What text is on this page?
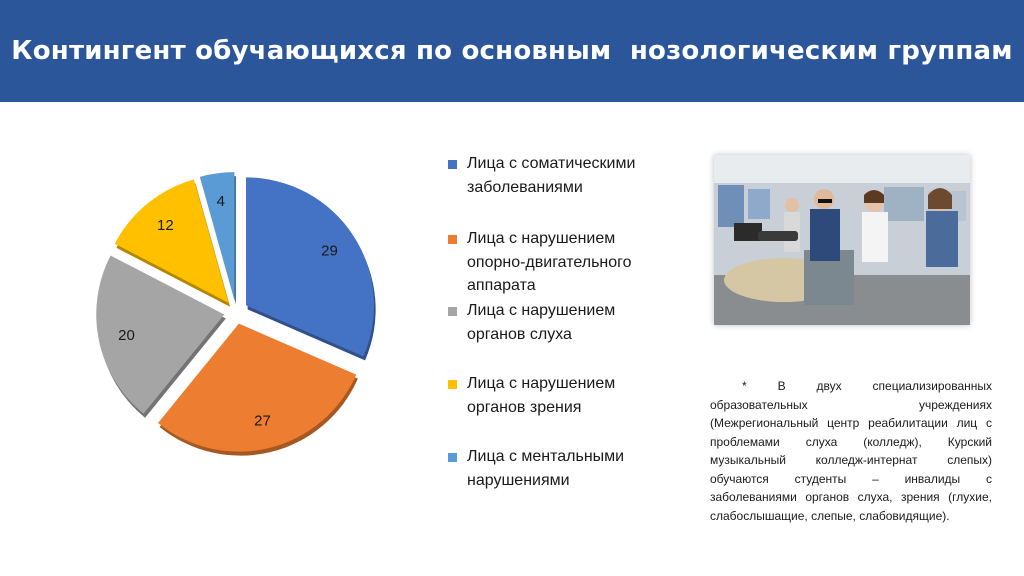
Контингент обучающихся по основным  нозологическим группам
29
27
20
12
4
Лица с соматическими заболеваниями
Лица с нарушением опорно-двигательного аппарата
Лица с нарушением органов слуха
Лица с нарушением органов зрения
Лица с ментальными нарушениями
* В двух специализированных образовательных учреждениях (Межрегиональный центр реабилитации лиц с проблемами слуха (колледж), Курский музыкальный колледж-интернат слепых) обучаются студенты – инвалиды с заболеваниями органов слуха, зрения (глухие, слабослышащие, слепые, слабовидящие).
